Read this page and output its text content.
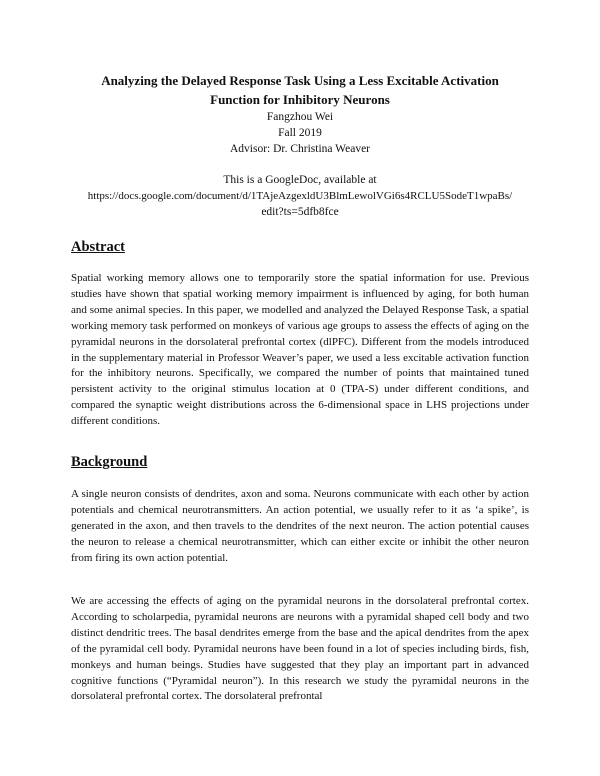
Analyzing the Delayed Response Task Using a Less Excitable Activation
Function for Inhibitory Neurons
Fangzhou Wei
Fall 2019
Advisor: Dr. Christina Weaver
This is a GoogleDoc, available at
https://docs.google.com/document/d/1TAjeAzgexldU3BlmLewolVGi6s4RCLU5SodeT1wpaBs/
edit?ts=5dfb8fce
Abstract

Spatial working memory allows one to temporarily store the spatial information for use. Previous studies have shown that spatial working memory impairment is influenced by aging, for both human and some animal species. In this paper, we modelled and analyzed the Delayed Response Task, a spatial working memory task performed on monkeys of various age groups to assess the effects of aging on the pyramidal neurons in the dorsolateral prefrontal cortex (dlPFC). Different from the models introduced in the supplementary material in Professor Weaver’s paper, we used a less excitable activation function for the inhibitory neurons. Specifically, we compared the number of points that maintained tuned persistent activity to the original stimulus location at 0 (TPA-S) under different conditions, and compared the synaptic weight distributions across the 6-dimensional space in LHS projections under different conditions.

Background

A single neuron consists of dendrites, axon and soma. Neurons communicate with each other by action potentials and chemical neurotransmitters. An action potential, we usually refer to it as ‘a spike’, is generated in the axon, and then travels to the dendrites of the next neuron. The action potential causes the neuron to release a chemical neurotransmitter, which can either excite or inhibit the other neuron from firing its own action potential.

We are accessing the effects of aging on the pyramidal neurons in the dorsolateral prefrontal cortex. According to scholarpedia, pyramidal neurons are neurons with a pyramidal shaped cell body and two distinct dendritic trees. The basal dendrites emerge from the base and the apical dendrites from the apex of the pyramidal cell body. Pyramidal neurons have been found in a lot of species including birds, fish, monkeys and human beings. Studies have suggested that they play an important part in advanced cognitive functions (“Pyramidal neuron”). In this research we study the pyramidal neurons in the dorsolateral prefrontal cortex. The dorsolateral prefrontal
